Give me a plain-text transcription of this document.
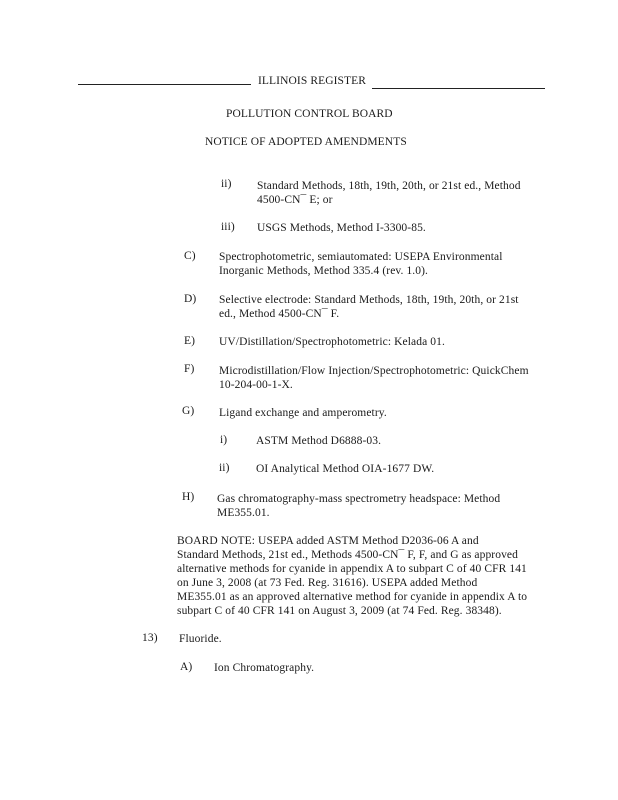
ILLINOIS REGISTER
POLLUTION CONTROL BOARD
NOTICE OF ADOPTED AMENDMENTS
ii) Standard Methods, 18th, 19th, 20th, or 21st ed., Method
4500-CN¯ E; or
iii) USGS Methods, Method I-3300-85.
C) Spectrophotometric, semiautomated: USEPA Environmental
Inorganic Methods, Method 335.4 (rev. 1.0).
D) Selective electrode: Standard Methods, 18th, 19th, 20th, or 21st
ed., Method 4500-CN¯ F.
E) UV/Distillation/Spectrophotometric: Kelada 01.
F) Microdistillation/Flow Injection/Spectrophotometric: QuickChem
10-204-00-1-X.
G) Ligand exchange and amperometry.
i)	ASTM Method D6888-03.
ii) OI Analytical Method OIA-1677 DW.
H) Gas chromatography-mass spectrometry headspace: Method
ME355.01.
BOARD NOTE: USEPA added ASTM Method D2036-06 A and
Standard Methods, 21st ed., Methods 4500-CN¯ F, F, and G as approved
alternative methods for cyanide in appendix A to subpart C of 40 CFR 141
on June 3, 2008 (at 73 Fed. Reg. 31616). USEPA added Method
ME355.01 as an approved alternative method for cyanide in appendix A to
subpart C of 40 CFR 141 on August 3, 2009 (at 74 Fed. Reg. 38348).
13) Fluoride.
A) Ion Chromatography.
